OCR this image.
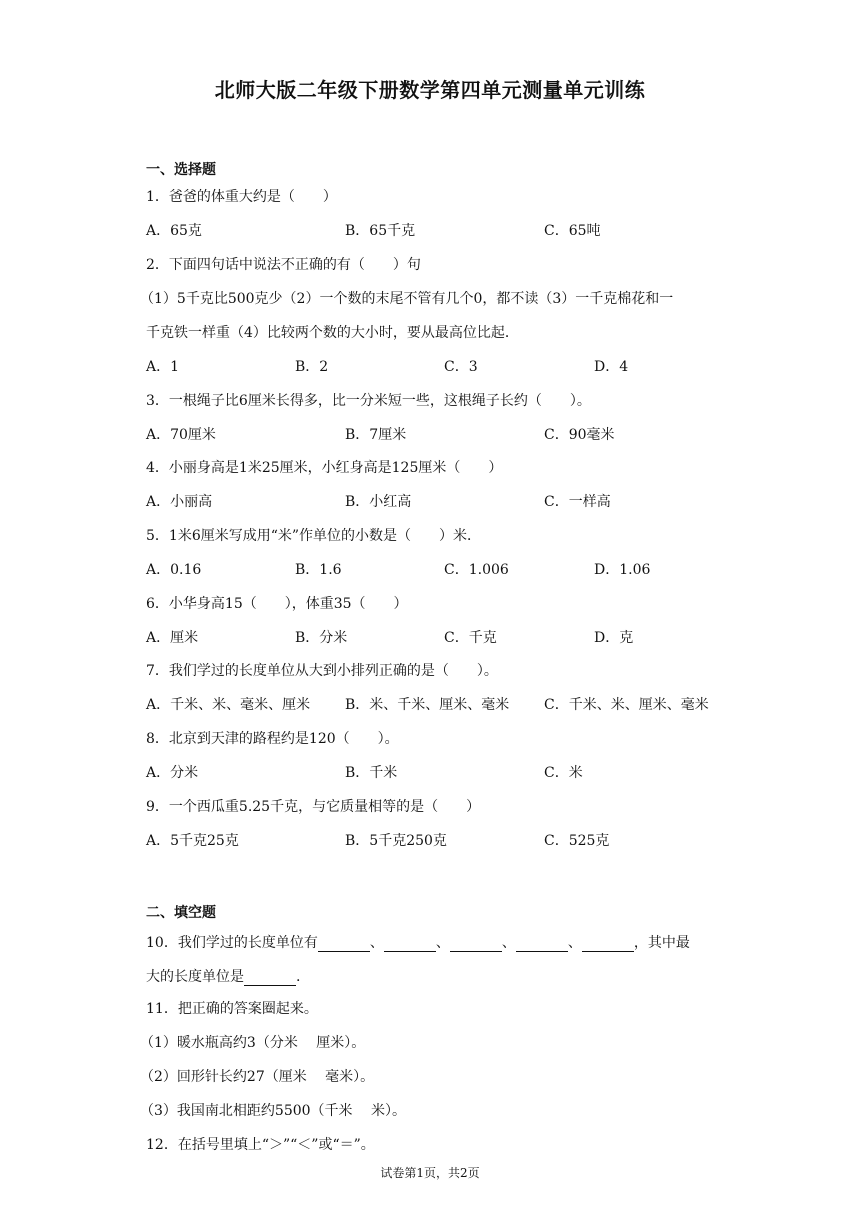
北师大版二年级下册数学第四单元测量单元训练
一、选择题
1．爸爸的体重大约是（　　）
A．65克	B．65千克	C．65吨
2．下面四句话中说法不正确的有（　　）句
（1）5千克比500克少（2）一个数的末尾不管有几个0，都不读（3）一千克棉花和一
千克铁一样重（4）比较两个数的大小时，要从最高位比起．
A．1	B．2	C．3	D．4
3．一根绳子比6厘米长得多，比一分米短一些，这根绳子长约（　　）。
A．70厘米	B．7厘米	C．90毫米
4．小丽身高是1米25厘米，小红身高是125厘米（　　）
A．小丽高	B．小红高	C．一样高
5．1米6厘米写成用“米”作单位的小数是（　　）米．
A．0.16	B．1.6	C．1.006	D．1.06
6．小华身高15（　　），体重35（　　）
A．厘米	B．分米	C．千克	D．克
7．我们学过的长度单位从大到小排列正确的是（　　）。
A．千米、米、毫米、厘米 B．米、千米、厘米、毫米 C．千米、米、厘米、毫米
8．北京到天津的路程约是120（　　）。
A．分米	B．千米	C．米
9．一个西瓜重5.25千克，与它质量相等的是（　　）
A．5千克25克	B．5千克250克	C．525克
二、填空题
10．我们学过的长度单位有	、	、	、	、	，其中最
大的长度单位是	.
11．把正确的答案圈起来。
（1）暖水瓶高约3（分米　 厘米）。
（2）回形针长约27（厘米　 毫米）。
（3）我国南北相距约5500（千米　 米）。
12．在括号里填上“＞”“＜”或“＝”。
试卷第1页，共2页
